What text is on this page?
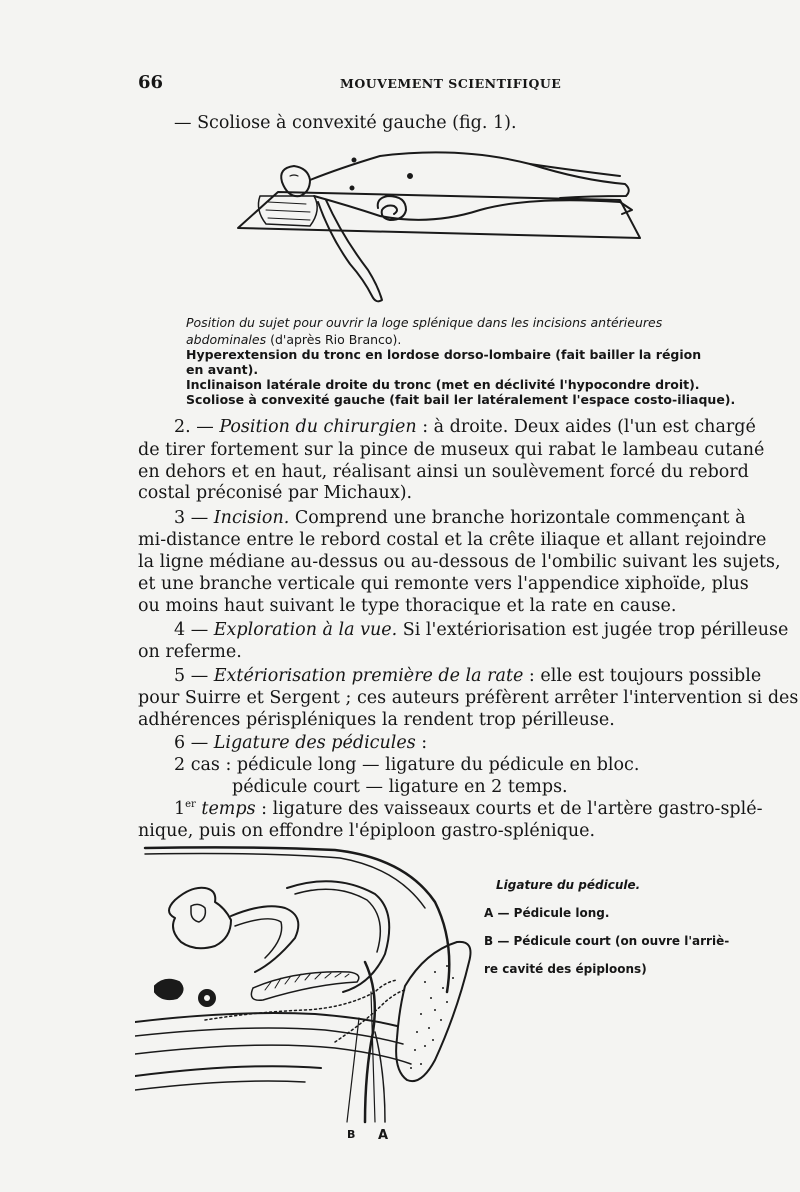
66	MOUVEMENT SCIENTIFIQUE
— Scoliose à convexité gauche (fig. 1).
Position du sujet pour ouvrir la loge splénique dans les incisions antérieures
abdominales (d'après Rio Branco).
Hyperextension du tronc en lordose dorso-lombaire (fait bailler la région
en avant).
Inclinaison latérale droite du tronc (met en déclivité l'hypocondre droit).
Scoliose à convexité gauche (fait bail ler latéralement l'espace costo-iliaque).
2. — Position du chirurgien : à droite. Deux aides (l'un est chargé
de tirer fortement sur la pince de museux qui rabat le lambeau cutané
en dehors et en haut, réalisant ainsi un soulèvement forcé du rebord
costal préconisé par Michaux).
3 — Incision. Comprend une branche horizontale commençant à
mi-distance entre le rebord costal et la crête iliaque et allant rejoindre
la ligne médiane au-dessus ou au-dessous de l'ombilic suivant les sujets,
et une branche verticale qui remonte vers l'appendice xiphoïde, plus
ou moins haut suivant le type thoracique et la rate en cause.
4 — Exploration à la vue. Si l'extériorisation est jugée trop périlleuse
on referme.
5 — Extériorisation première de la rate : elle est toujours possible
pour Suirre et Sergent ; ces auteurs préfèrent arrêter l'intervention si des
adhérences périspléniques la rendent trop périlleuse.
6 — Ligature des pédicules :
2 cas : pédicule long — ligature du pédicule en bloc.
pédicule court — ligature en 2 temps.
1er temps : ligature des vaisseaux courts et de l'artère gastro-splé-
nique, puis on effondre l'épiploon gastro-splénique.
B A
Ligature du pédicule.
A — Pédicule long.
B — Pédicule court (on ouvre l'arriè-
re cavité des épiploons)
